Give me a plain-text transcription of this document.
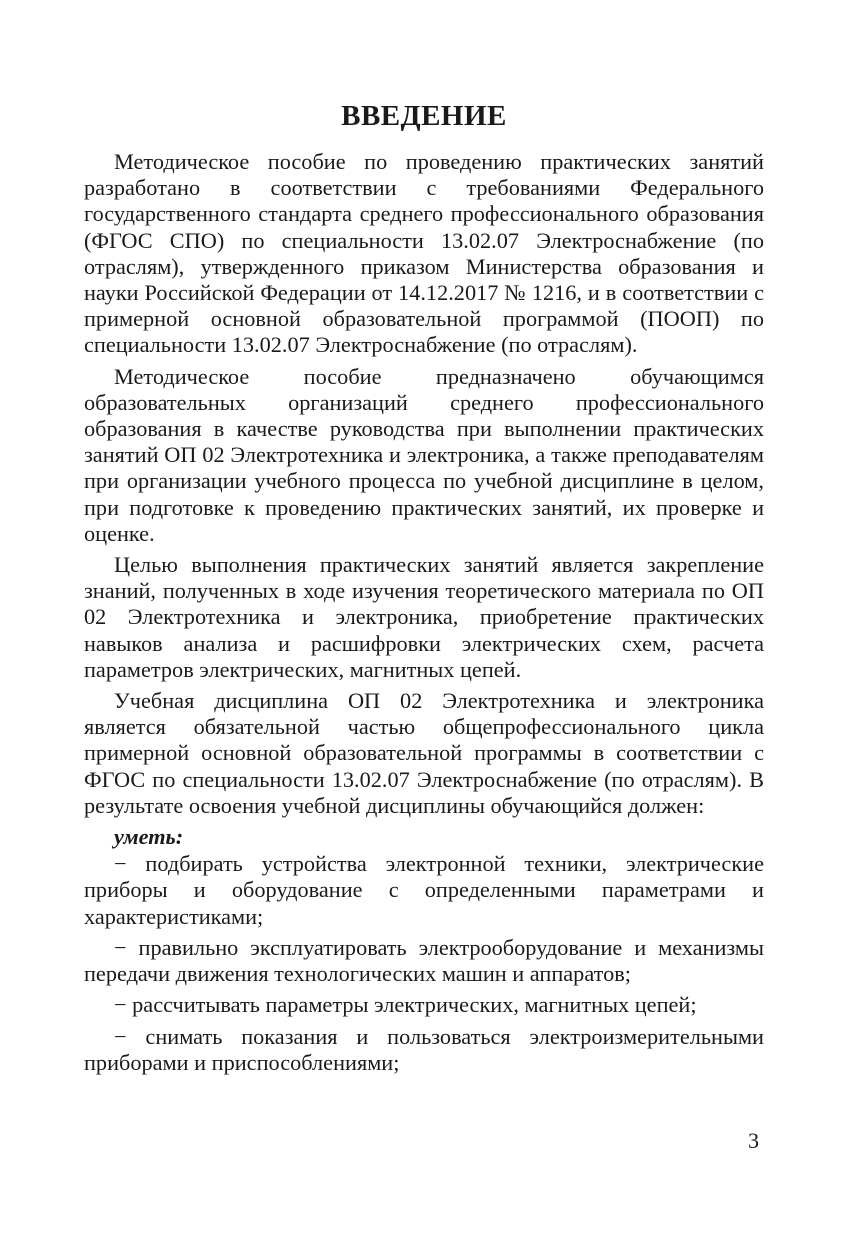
ВВЕДЕНИЕ

Методическое пособие по проведению практических занятий разработано в соответствии с требованиями Федерального государственного стандарта среднего профессионального образования (ФГОС СПО) по специальности 13.02.07 Электроснабжение (по отраслям), утвержденного приказом Министерства образования и науки Российской Федерации от 14.12.2017 № 1216, и в соответствии с примерной основной образовательной программой (ПООП) по специальности 13.02.07 Электроснабжение (по отраслям).

Методическое пособие предназначено обучающимся образовательных организаций среднего профессионального образования в качестве руководства при выполнении практических занятий ОП 02 Электротехника и электроника, а также преподавателям при организации учебного процесса по учебной дисциплине в целом, при подготовке к проведению практических занятий, их проверке и оценке.

Целью выполнения практических занятий является закрепление знаний, полученных в ходе изучения теоретического материала по ОП 02 Электротехника и электроника, приобретение практических навыков анализа и расшифровки электрических схем, расчета параметров электрических, магнитных цепей.

Учебная дисциплина ОП 02 Электротехника и электроника является обязательной частью общепрофессионального цикла примерной основной образовательной программы в соответствии с ФГОС по специальности 13.02.07 Электроснабжение (по отраслям). В результате освоения учебной дисциплины обучающийся должен:

уметь:
− подбирать устройства электронной техники, электрические приборы и оборудование с определенными параметрами и характеристиками;
− правильно эксплуатировать электрооборудование и механизмы передачи движения технологических машин и аппаратов;
− рассчитывать параметры электрических, магнитных цепей;
− снимать показания и пользоваться электроизмерительными приборами и приспособлениями;
3
